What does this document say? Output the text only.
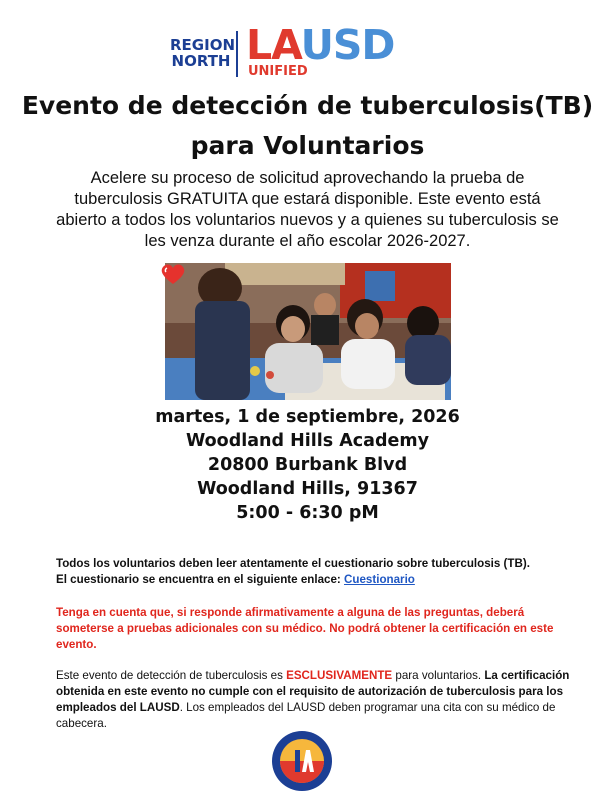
REGION
NORTH LAUSD
UNIFIED
Evento de detección de tuberculosis(TB)
para Voluntarios
Acelere su proceso de solicitud aprovechando la prueba de
tuberculosis GRATUITA que estará disponible. Este evento está
abierto a todos los voluntarios nuevos y a quienes su tuberculosis se
les venza durante el año escolar 2026-2027.
martes, 1 de septiembre, 2026
Woodland Hills Academy
20800 Burbank Blvd
Woodland Hills, 91367
5:00 - 6:30 pM
Todos los voluntarios deben leer atentamente el cuestionario sobre tuberculosis (TB).
El cuestionario se encuentra en el siguiente enlace: Cuestionario
Tenga en cuenta que, si responde afirmativamente a alguna de las preguntas, deberá someterse a pruebas adicionales con su médico. No podrá obtener la certificación en este evento.
Este evento de detección de tuberculosis es ESCLUSIVAMENTE para voluntarios. La certificación obtenida en este evento no cumple con el requisito de autorización de tuberculosis para los empleados del LAUSD. Los empleados del LAUSD deben programar una cita con su médico de cabecera.
